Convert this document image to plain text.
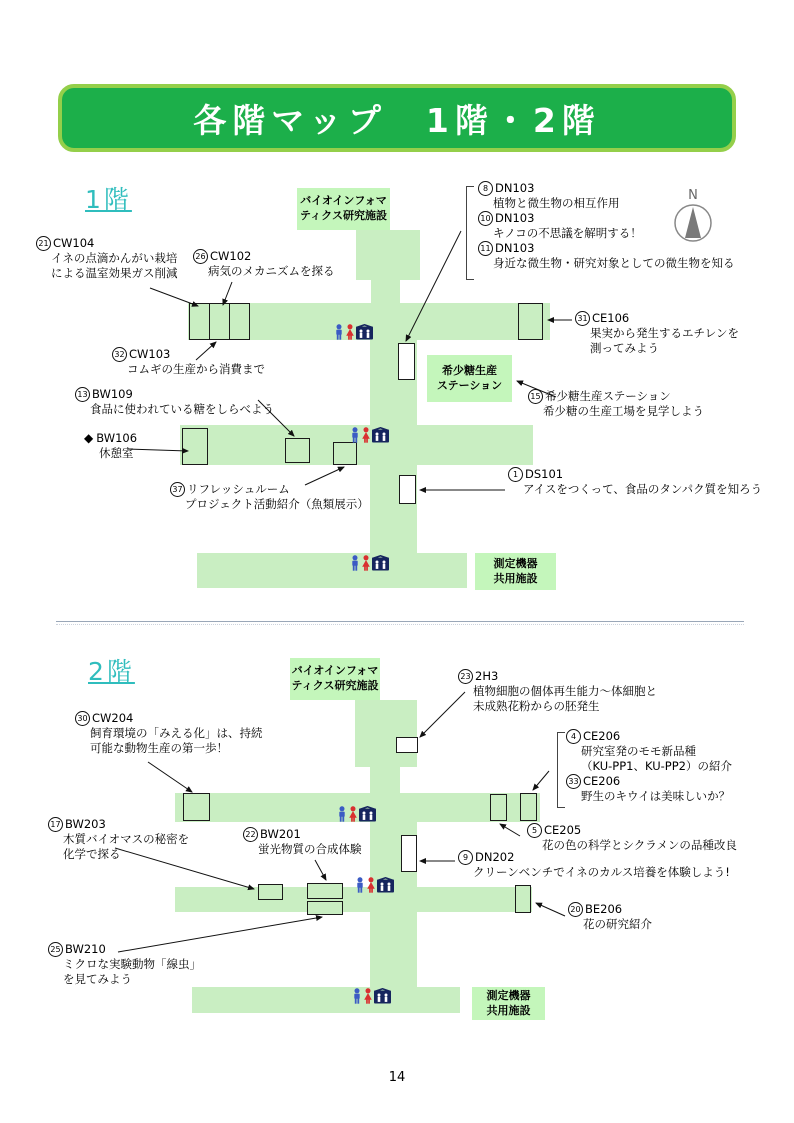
各階マップ　1階・2階
1階	N
バイオインフォマ
ティクス研究施設
希少糖生産
ステーション
測定機器
共用施設
21 CW104
イネの点滴かんがい栽培
による温室効果ガス削減
26 CW102
病気のメカニズムを探る
32 CW103
コムギの生産から消費まで
13 BW109
食品に使われている糖をしらべよう
◆ BW106
休憩室
37 リフレッシュルーム
プロジェクト活動紹介（魚類展示）
8 DN103
植物と微生物の相互作用
10 DN103
キノコの不思議を解明する！
11 DN103
身近な微生物・研究対象としての微生物を知る
31 CE106
果実から発生するエチレンを
測ってみよう
15 希少糖生産ステーション
希少糖の生産工場を見学しよう
1 DS101
アイスをつくって、食品のタンパク質を知ろう
2階	バイオインフォマ
ティクス研究施設
測定機器
共用施設
30 CW204
飼育環境の「みえる化」は、持続
可能な動物生産の第一歩！
23 2H3
植物細胞の個体再生能力～体細胞と
未成熟花粉からの胚発生
4 CE206
研究室発のモモ新品種
（KU-PP1、KU-PP2）の紹介
33 CE206
野生のキウイは美味しいか？
5 CE205
花の色の科学とシクラメンの品種改良
9 DN202
クリーンベンチでイネのカルス培養を体験しよう!
17 BW203
木質バイオマスの秘密を
化学で探る
22 BW201
蛍光物質の合成体験
25 BW210
ミクロな実験動物「線虫」
を見てみよう
20 BE206
花の研究紹介
14
